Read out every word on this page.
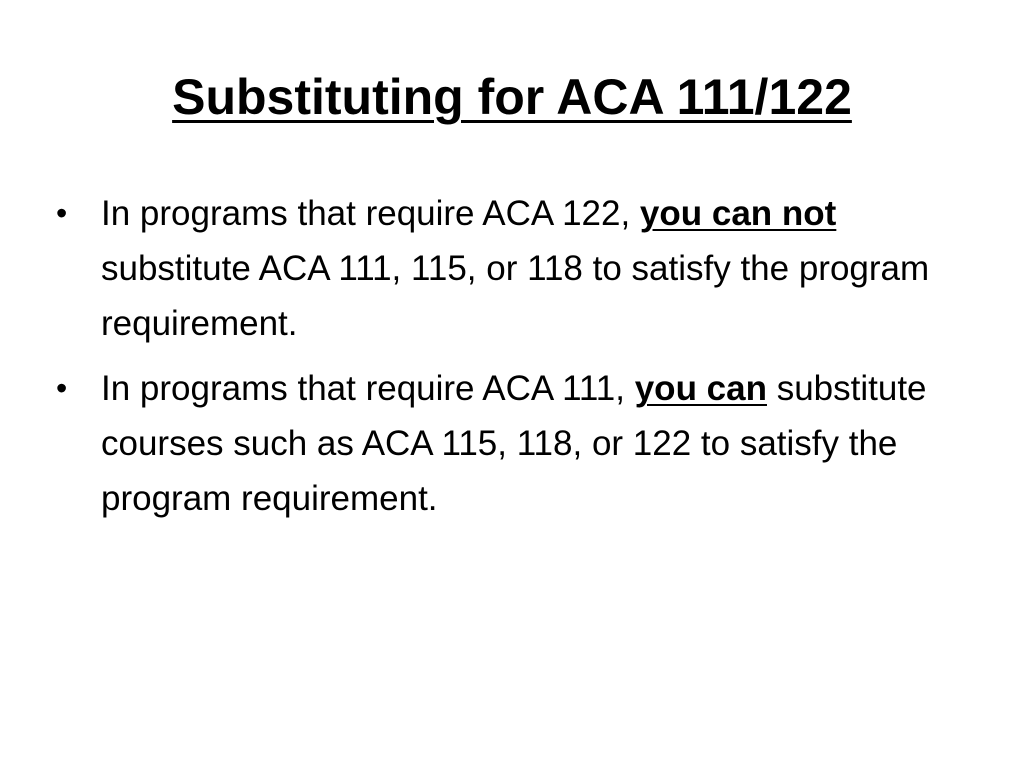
Substituting for ACA 111/122
• In programs that require ACA 122, you can not substitute ACA 111, 115, or 118 to satisfy the program requirement.
• In programs that require ACA 111, you can substitute courses such as ACA 115, 118, or 122 to satisfy the program requirement.
